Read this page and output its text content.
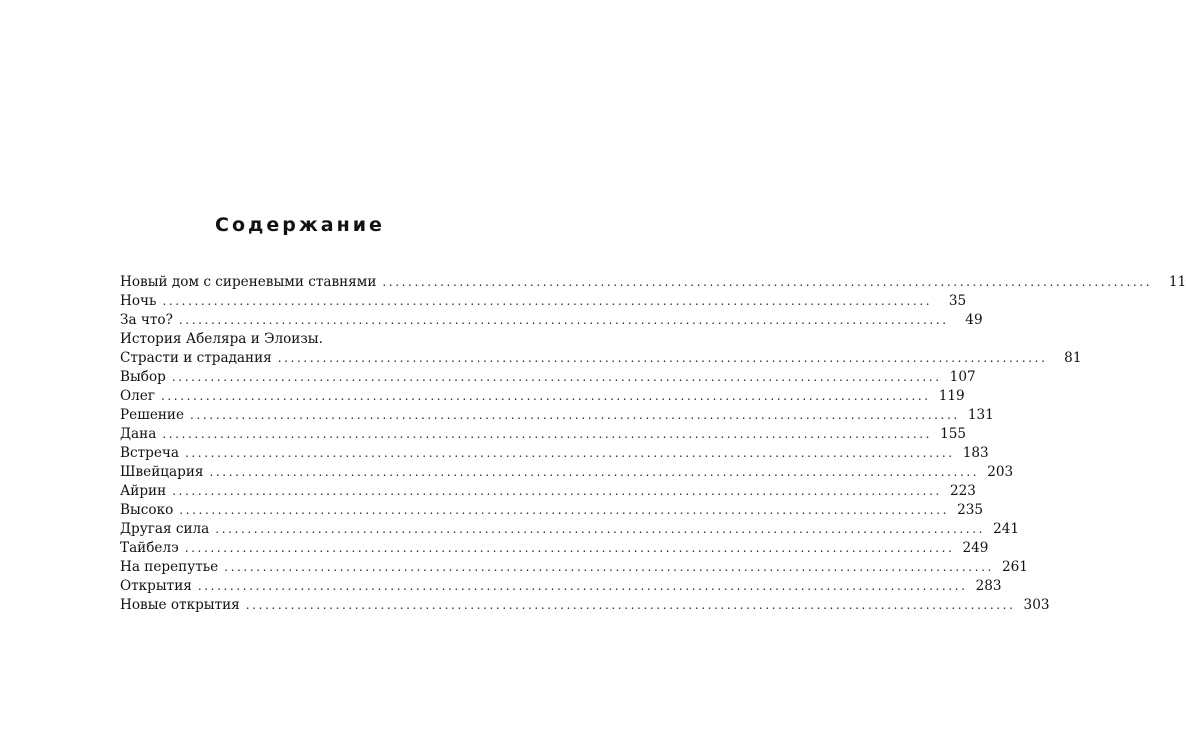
Содержание
Новый дом с сиреневыми ставнями ........................................................................................................................	11
Ночь ........................................................................................................................	35
За что? ........................................................................................................................	49
История Абеляра и Элоизы.
Страсти и страдания ........................................................................................................................	81
Выбор ........................................................................................................................ 107
Олег ........................................................................................................................ 119
Решение ........................................................................................................................ 131
Дана ........................................................................................................................ 155
Встреча ........................................................................................................................ 183
Швейцария ........................................................................................................................ 203
Айрин ........................................................................................................................ 223
Высоко ........................................................................................................................ 235
Другая сила ........................................................................................................................ 241
Тайбелэ ........................................................................................................................ 249
На перепутье ........................................................................................................................ 261
Открытия ........................................................................................................................ 283
Новые открытия ........................................................................................................................ 303
